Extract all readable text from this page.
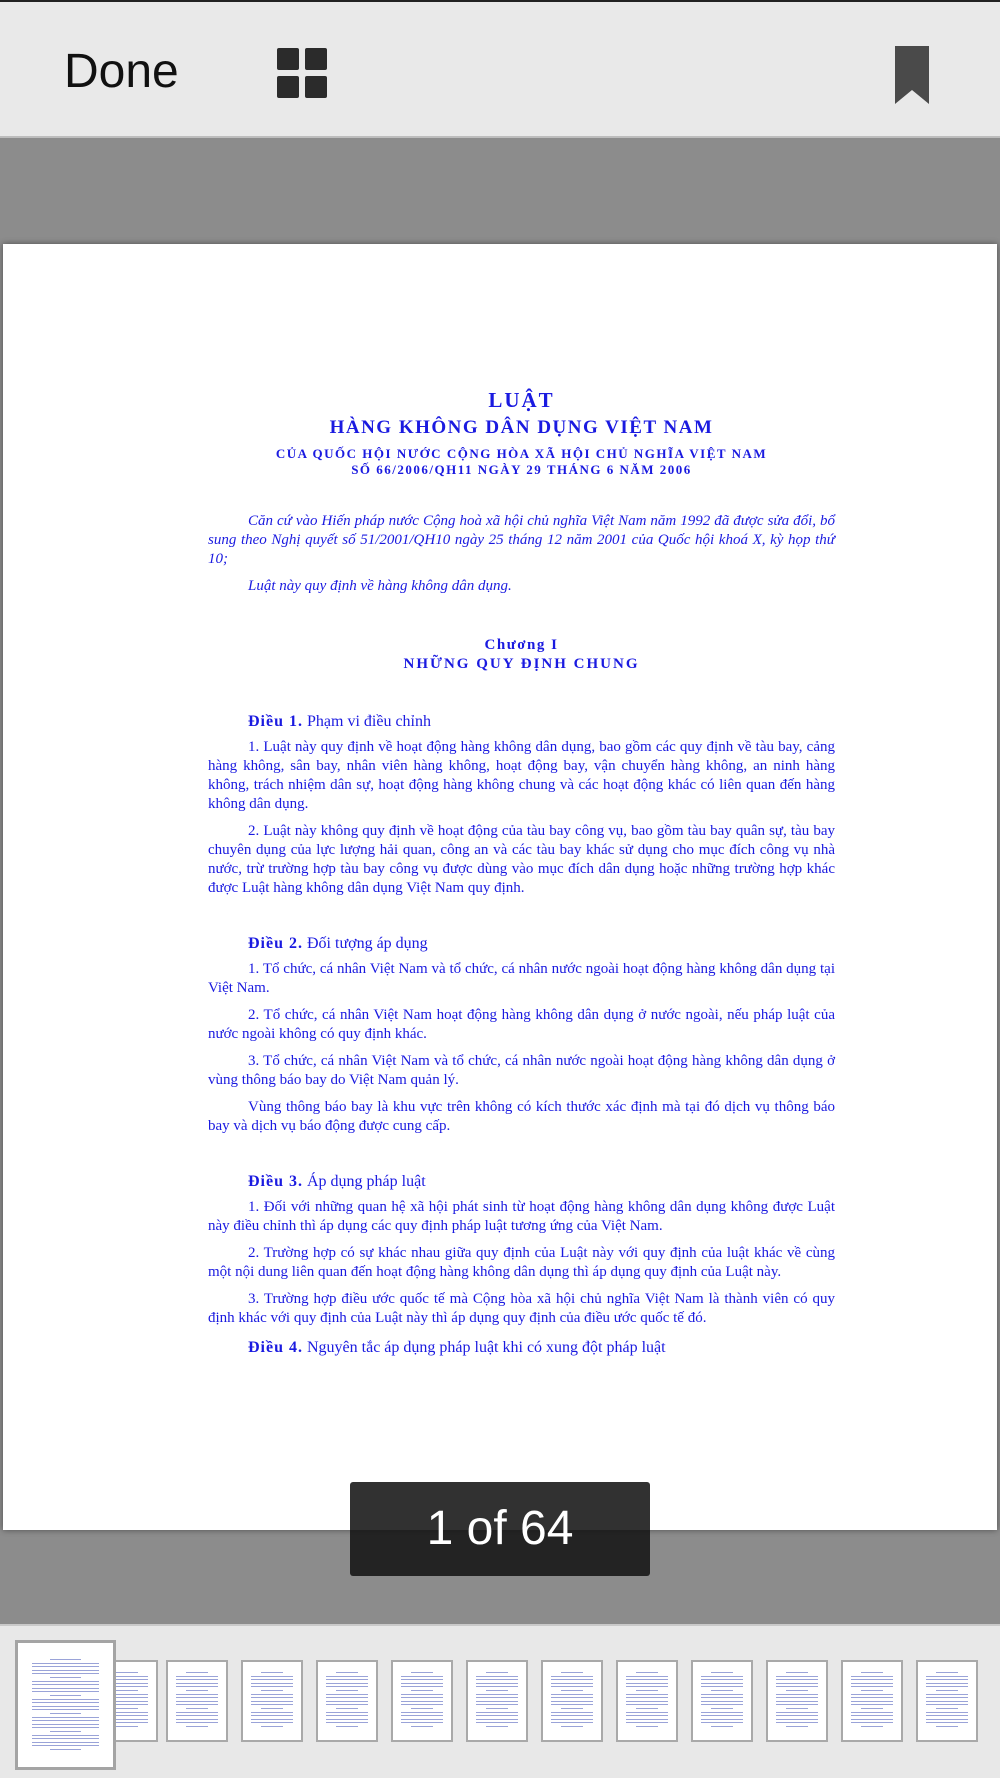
Done
LUẬT
HÀNG KHÔNG DÂN DỤNG VIỆT NAM
CỦA QUỐC HỘI NƯỚC CỘNG HÒA XÃ HỘI CHỦ NGHĨA VIỆT NAM
SỐ 66/2006/QH11 NGÀY 29 THÁNG 6 NĂM 2006

Căn cứ vào Hiến pháp nước Cộng hoà xã hội chủ nghĩa Việt Nam năm 1992 đã được sửa đổi, bổ sung theo Nghị quyết số 51/2001/QH10 ngày 25 tháng 12 năm 2001 của Quốc hội khoá X, kỳ họp thứ 10;

Luật này quy định về hàng không dân dụng.

Chương I
NHỮNG QUY ĐỊNH CHUNG

Điều 1. Phạm vi điều chỉnh

1. Luật này quy định về hoạt động hàng không dân dụng, bao gồm các quy định về tàu bay, cảng hàng không, sân bay, nhân viên hàng không, hoạt động bay, vận chuyển hàng không, an ninh hàng không, trách nhiệm dân sự, hoạt động hàng không chung và các hoạt động khác có liên quan đến hàng không dân dụng.

2. Luật này không quy định về hoạt động của tàu bay công vụ, bao gồm tàu bay quân sự, tàu bay chuyên dụng của lực lượng hải quan, công an và các tàu bay khác sử dụng cho mục đích công vụ nhà nước, trừ trường hợp tàu bay công vụ được dùng vào mục đích dân dụng hoặc những trường hợp khác được Luật hàng không dân dụng Việt Nam quy định.

Điều 2. Đối tượng áp dụng

1. Tổ chức, cá nhân Việt Nam và tổ chức, cá nhân nước ngoài hoạt động hàng không dân dụng tại Việt Nam.

2. Tổ chức, cá nhân Việt Nam hoạt động hàng không dân dụng ở nước ngoài, nếu pháp luật của nước ngoài không có quy định khác.

3. Tổ chức, cá nhân Việt Nam và tổ chức, cá nhân nước ngoài hoạt động hàng không dân dụng ở vùng thông báo bay do Việt Nam quản lý.

Vùng thông báo bay là khu vực trên không có kích thước xác định mà tại đó dịch vụ thông báo bay và dịch vụ báo động được cung cấp.

Điều 3. Áp dụng pháp luật

1. Đối với những quan hệ xã hội phát sinh từ hoạt động hàng không dân dụng không được Luật này điều chỉnh thì áp dụng các quy định pháp luật tương ứng của Việt Nam.

2. Trường hợp có sự khác nhau giữa quy định của Luật này với quy định của luật khác về cùng một nội dung liên quan đến hoạt động hàng không dân dụng thì áp dụng quy định của Luật này.

3. Trường hợp điều ước quốc tế mà Cộng hòa xã hội chủ nghĩa Việt Nam là thành viên có quy định khác với quy định của Luật này thì áp dụng quy định của điều ước quốc tế đó.

Điều 4. Nguyên tắc áp dụng pháp luật khi có xung đột pháp luật

1 of 64
